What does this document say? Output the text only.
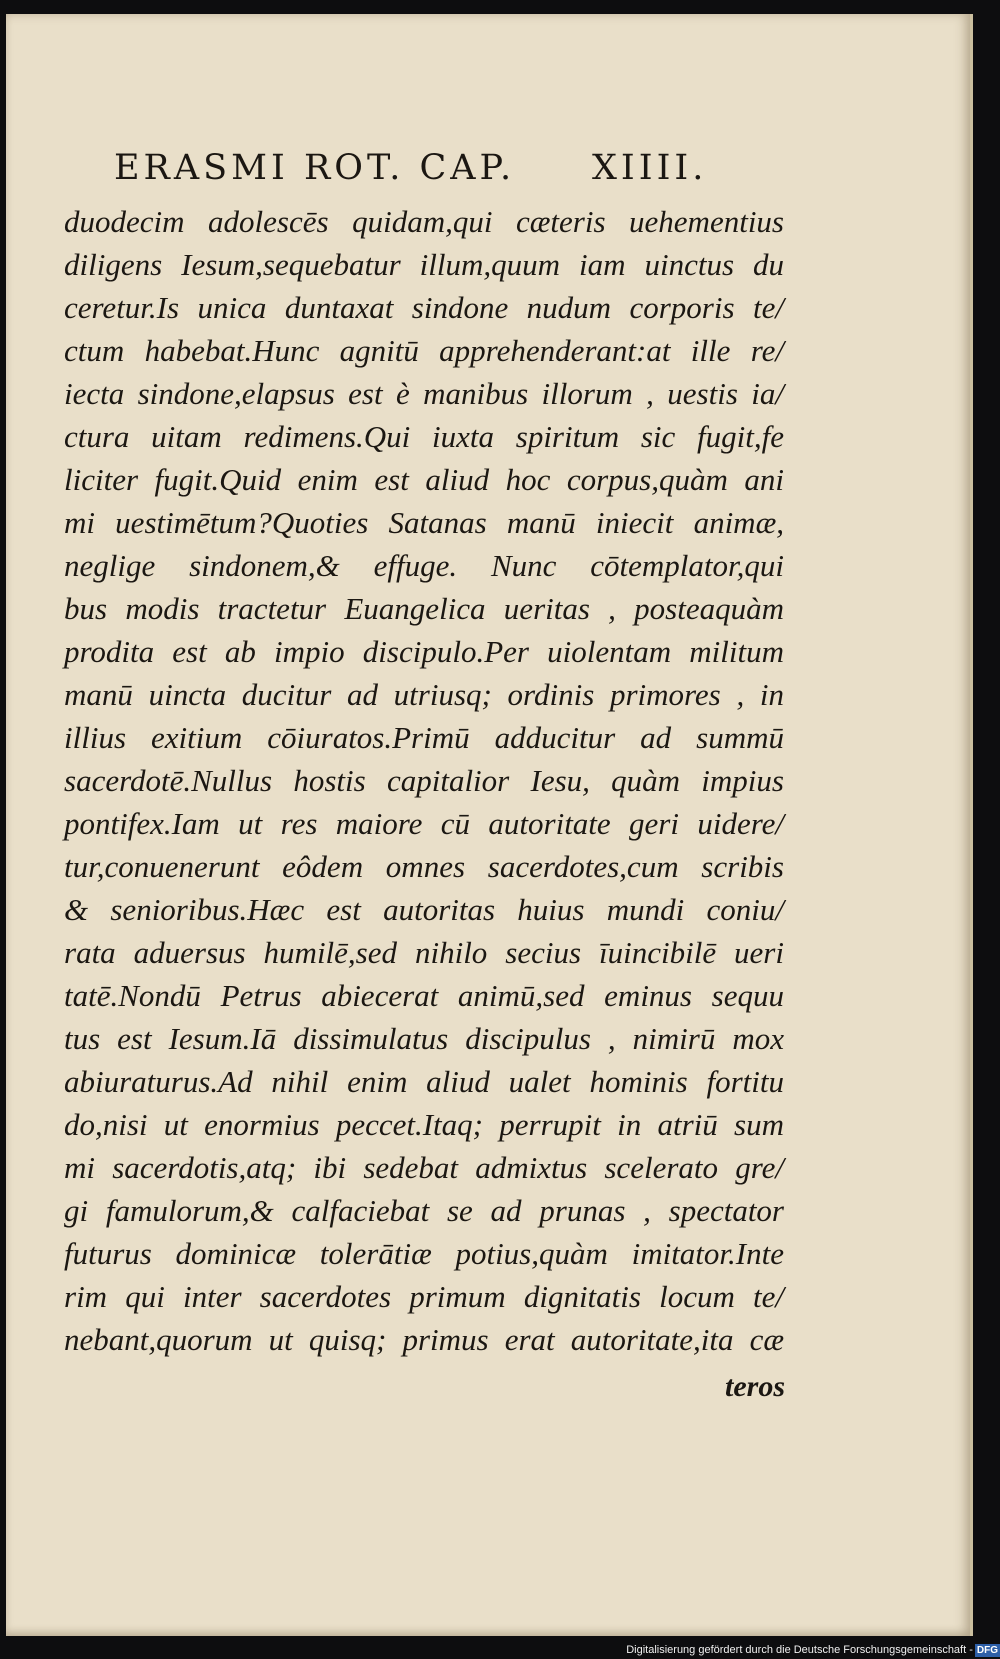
ERASMI ROT. CAP. XIIII.
duodecim adolescēs quidam,qui cæteris uehementius
diligens Iesum,sequebatur illum,quum iam uinctus du
ceretur.Is unica duntaxat sindone nudum corporis te/
ctum habebat.Hunc agnitū apprehenderant:at ille re/
iecta sindone,elapsus est è manibus illorum , uestis ia/
ctura uitam redimens.Qui iuxta spiritum sic fugit,fe
liciter fugit.Quid enim est aliud hoc corpus,quàm ani
mi uestimētum?Quoties Satanas manū iniecit animæ,
neglige sindonem,& effuge. Nunc cōtemplator,qui
bus modis tractetur Euangelica ueritas , posteaquàm
prodita est ab impio discipulo.Per uiolentam militum
manū uincta ducitur ad utriusq; ordinis primores , in
illius exitium cōiuratos.Primū adducitur ad summū
sacerdotē.Nullus hostis capitalior Iesu, quàm impius
pontifex.Iam ut res maiore cū autoritate geri uidere/
tur,conuenerunt eôdem omnes sacerdotes,cum scribis
& senioribus.Hæc est autoritas huius mundi coniu/
rata aduersus humilē,sed nihilo secius īuincibilē ueri
tatē.Nondū Petrus abiecerat animū,sed eminus sequu
tus est Iesum.Iā dissimulatus discipulus , nimirū mox
abiuraturus.Ad nihil enim aliud ualet hominis fortitu
do,nisi ut enormius peccet.Itaq; perrupit in atriū sum
mi sacerdotis,atq; ibi sedebat admixtus scelerato gre/
gi famulorum,& calfaciebat se ad prunas , spectator
futurus dominicæ tolerātiæ potius,quàm imitator.Inte
rim qui inter sacerdotes primum dignitatis locum te/
nebant,quorum ut quisq; primus erat autoritate,ita cæ
teros
Digitalisierung gefördert durch die Deutsche Forschungsgemeinschaft - DFG
